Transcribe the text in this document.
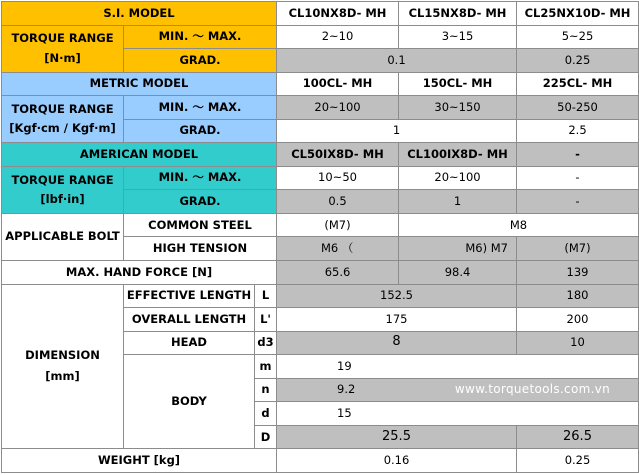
S.I. MODEL			CL10NX8D- MH	CL15NX8D- MH	CL25NX10D- MH

TORQUE RANGE
[N·m]	MIN. ～ MAX.		2~10	3~15	5~25
	GRAD.		0.1		0.25
METRIC MODEL			100CL- MH	150CL- MH	225CL- MH

TORQUE RANGE
[Kgf·cm / Kgf·m]	MIN. ～ MAX.		20~100	30~150	50-250
	GRAD.		1		2.5
AMERICAN MODEL			CL50IX8D- MH	CL100IX8D- MH	-

TORQUE RANGE
[lbf·in]	MIN. ～ MAX.		10~50	20~100	-
	GRAD.		0.5	1	-
APPLICABLE BOLT	COMMON STEEL		(M7)	M8	
	HIGH TENSION		M6 （	M6) M7	(M7)
MAX. HAND FORCE [N]			65.6	98.4	139

DIMENSION
[mm]	EFFECTIVE LENGTH	L	152.5		180
	OVERALL LENGTH	L'	175		200
	HEAD	d3	8		10
	BODY	m	19		
		n	9.2 www.torquetools.com.vn		

		d	15		
		D	25.5		26.5
WEIGHT [kg]			0.16		0.25
